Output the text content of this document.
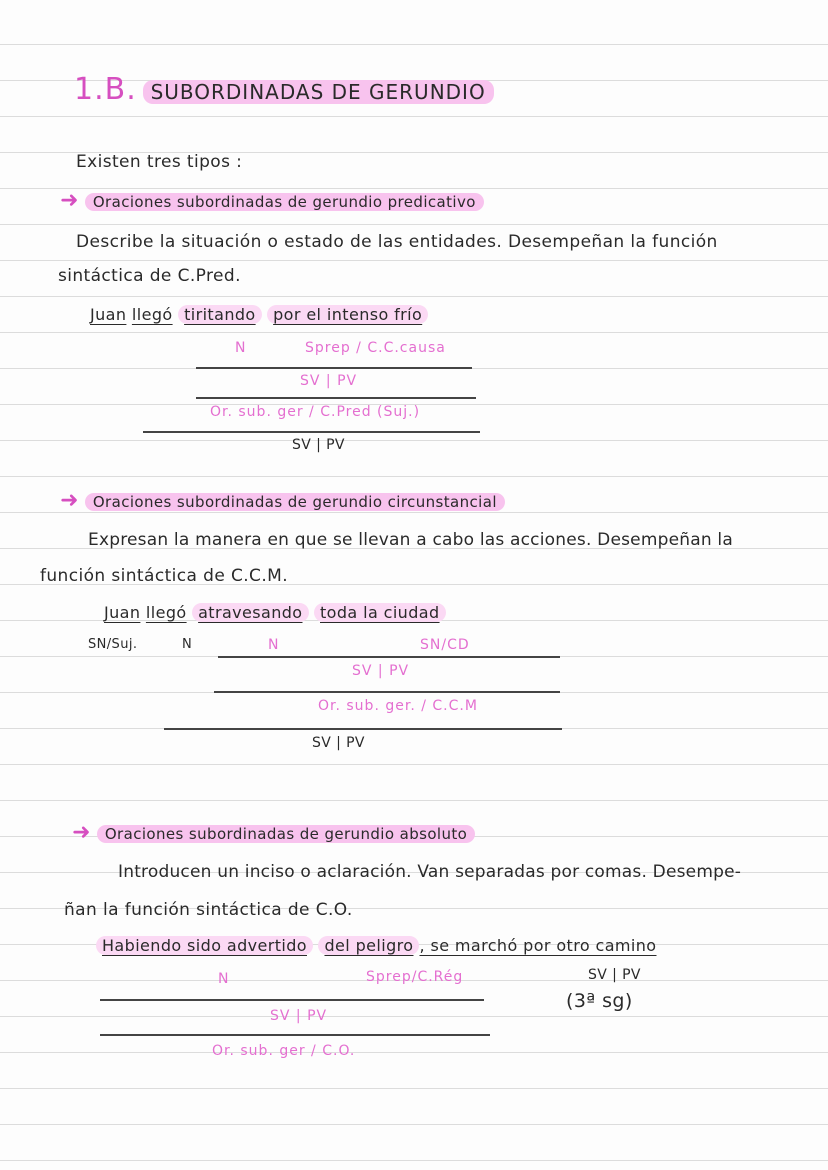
1.B. SUBORDINADAS DE GERUNDIO
Existen tres tipos :
➜ Oraciones subordinadas de gerundio predicativo
Describe la situación o estado de las entidades. Desempeñan la función
sintáctica de C.Pred.
Juan llegó tiritando por el intenso frío
N	Sprep / C.C.causa
SV | PV
Or. sub. ger / C.Pred (Suj.)
SV | PV
➜ Oraciones subordinadas de gerundio circunstancial
Expresan la manera en que se llevan a cabo las acciones. Desempeñan la
función sintáctica de C.C.M.
Juan llegó atravesando toda la ciudad
SN/Suj.	N	N	SN/CD
SV | PV
Or. sub. ger. / C.C.M
SV | PV
➜ Oraciones subordinadas de gerundio absoluto
Introducen un inciso o aclaración. Van separadas por comas. Desempe-
ñan la función sintáctica de C.O.
Habiendo sido advertido del peligro , se marchó por otro camino
N	Sprep/C.Rég	SV | PV
(3ª sg)
SV | PV
Or. sub. ger / C.O.
